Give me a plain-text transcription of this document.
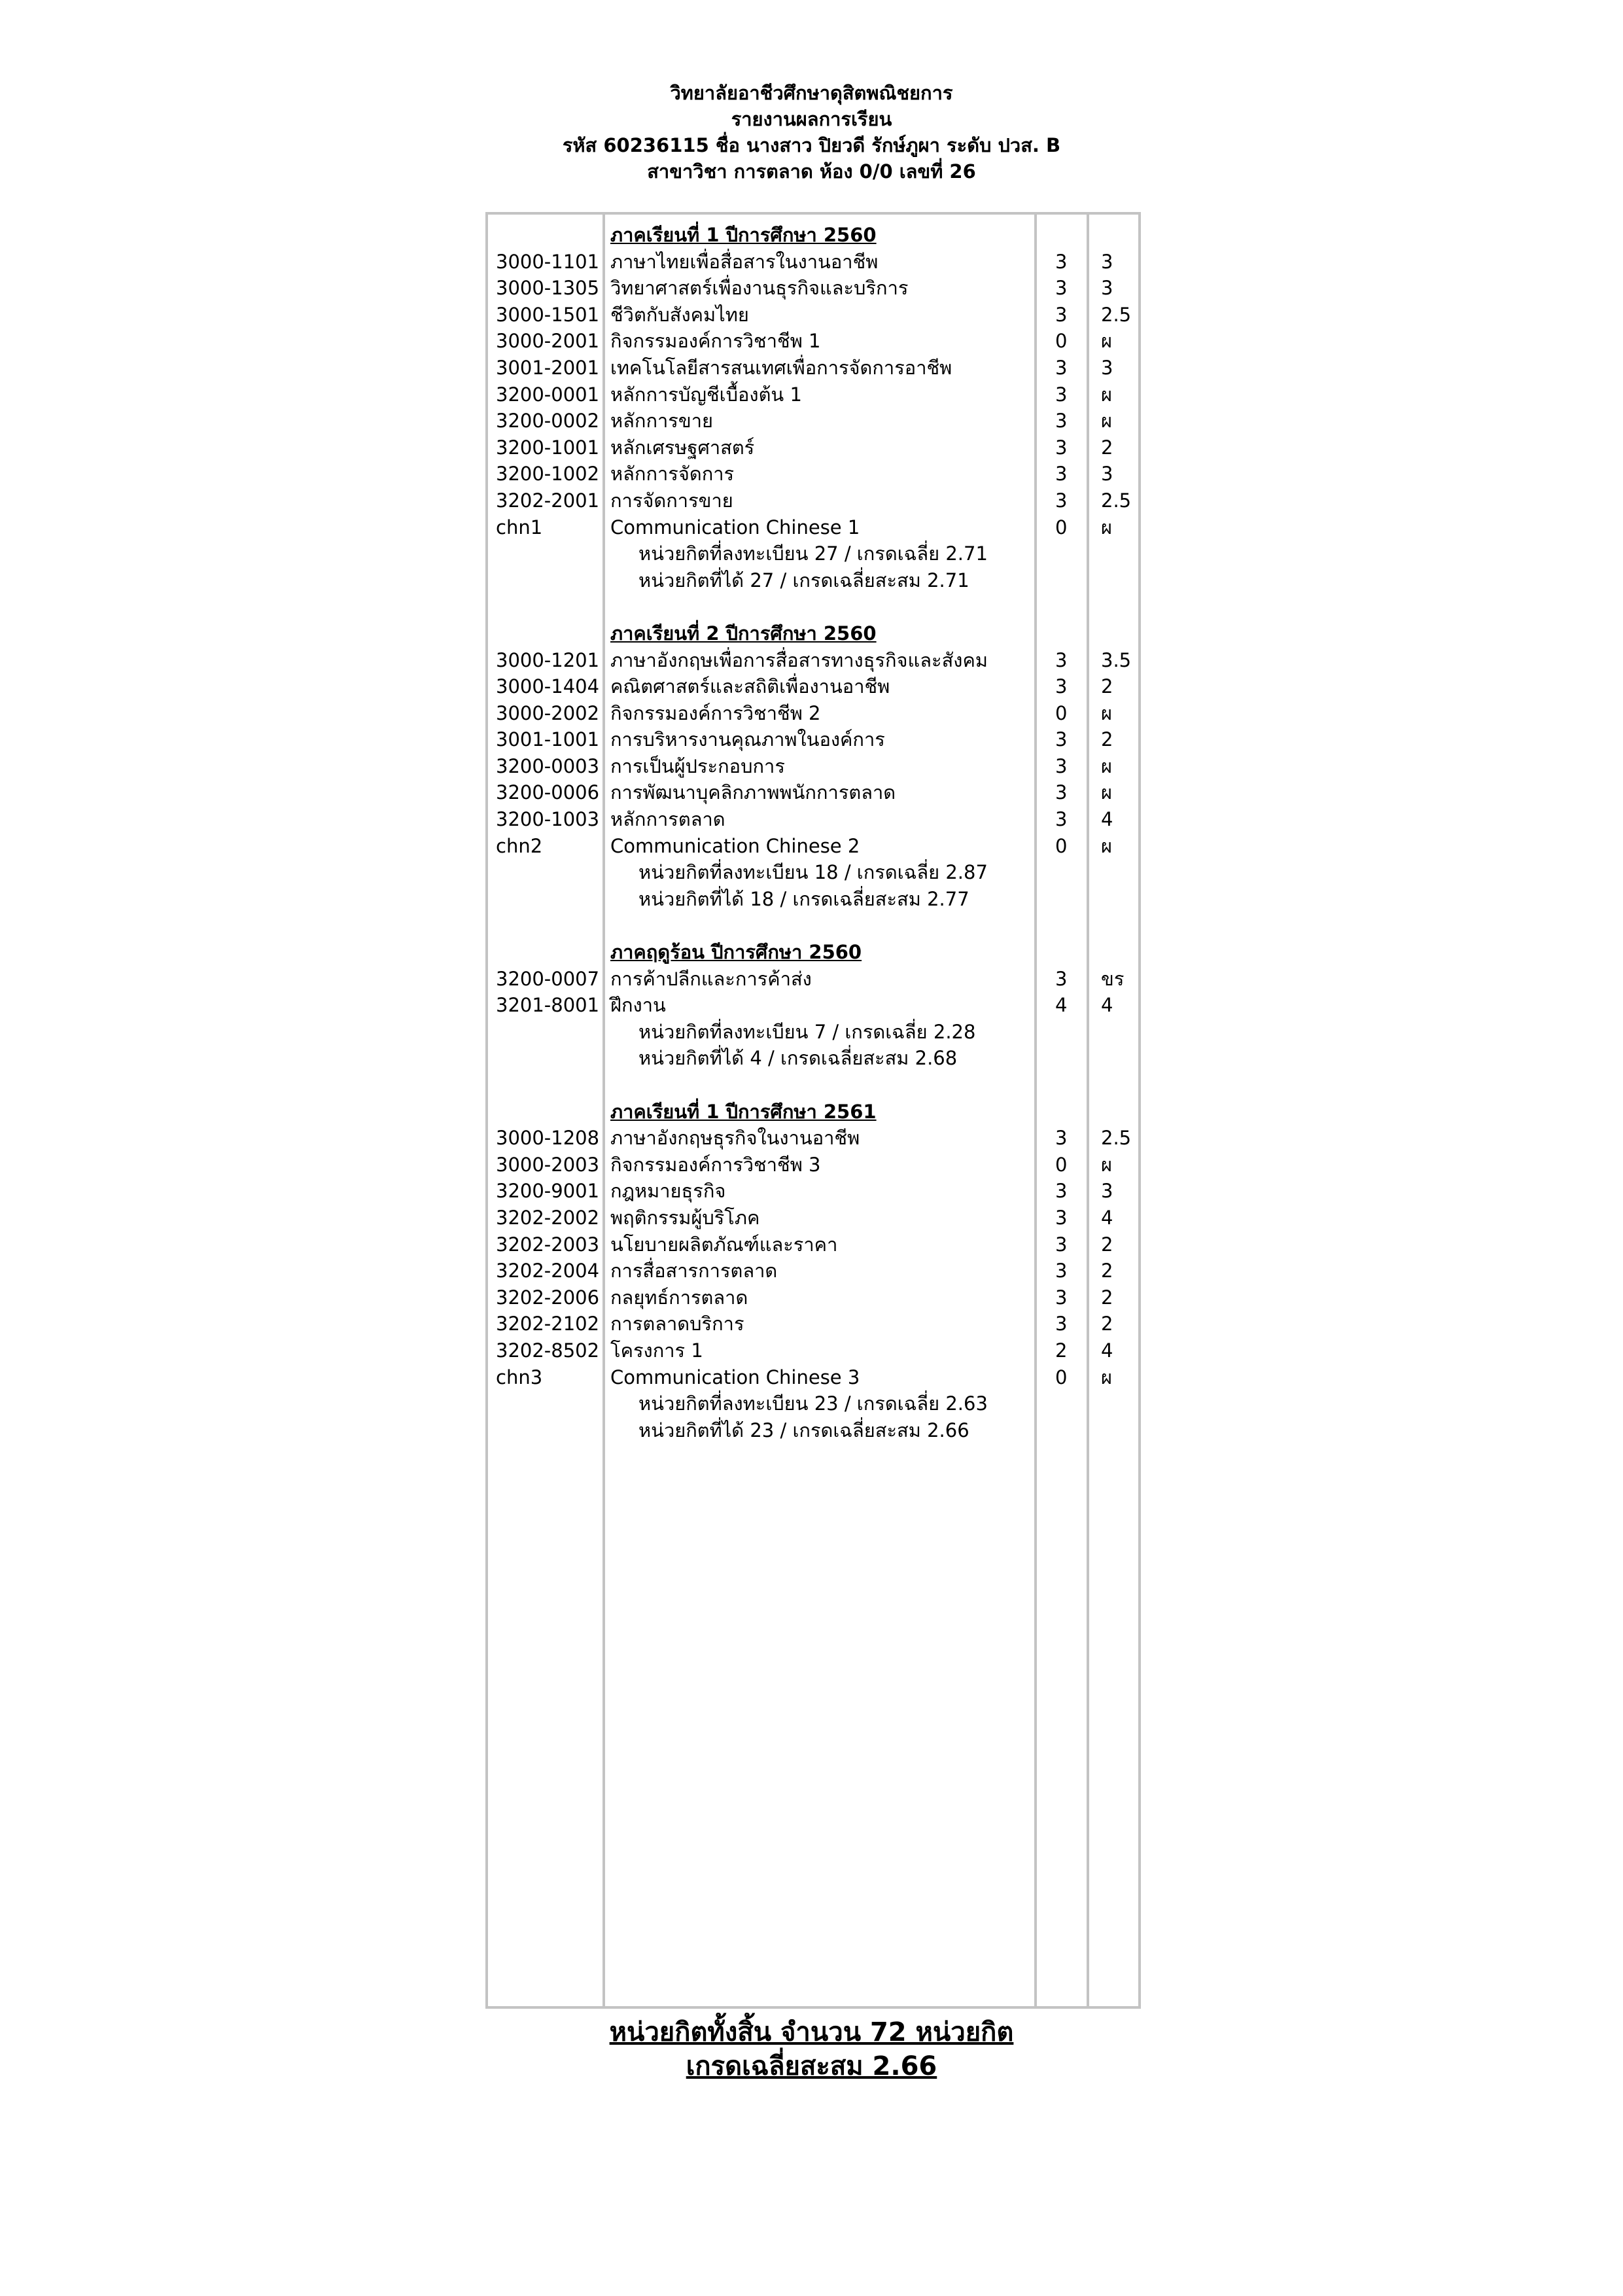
วิทยาลัยอาชีวศึกษาดุสิตพณิชยการ
รายงานผลการเรียน
รหัส 60236115 ชื่อ นางสาว ปิยวดี รักษ์ภูผา ระดับ ปวส. B
สาขาวิชา การตลาด ห้อง 0/0 เลขที่ 26
ภาคเรียนที่ 1 ปีการศึกษา 2560
3000-1101 ภาษาไทยเพื่อสื่อสารในงานอาชีพ	3 3
3000-1305 วิทยาศาสตร์เพื่องานธุรกิจและบริการ	3 3
3000-1501 ชีวิตกับสังคมไทย	3 2.5
3000-2001 กิจกรรมองค์การวิชาชีพ 1	0 ผ
3001-2001 เทคโนโลยีสารสนเทศเพื่อการจัดการอาชีพ	3 3
3200-0001 หลักการบัญชีเบื้องต้น 1	3 ผ
3200-0002 หลักการขาย	3 ผ
3200-1001 หลักเศรษฐศาสตร์	3 2
3200-1002 หลักการจัดการ	3 3
3202-2001 การจัดการขาย	3 2.5
chn1	Communication Chinese 1	0 ผ
หน่วยกิตที่ลงทะเบียน 27 / เกรดเฉลี่ย 2.71
หน่วยกิตที่ได้ 27 / เกรดเฉลี่ยสะสม 2.71
ภาคเรียนที่ 2 ปีการศึกษา 2560
3000-1201 ภาษาอังกฤษเพื่อการสื่อสารทางธุรกิจและสังคม	3 3.5
3000-1404 คณิตศาสตร์และสถิติเพื่องานอาชีพ	3 2
3000-2002 กิจกรรมองค์การวิชาชีพ 2	0 ผ
3001-1001 การบริหารงานคุณภาพในองค์การ	3 2
3200-0003 การเป็นผู้ประกอบการ	3 ผ
3200-0006 การพัฒนาบุคลิกภาพพนักการตลาด	3 ผ
3200-1003 หลักการตลาด	3 4
chn2	Communication Chinese 2	0 ผ
หน่วยกิตที่ลงทะเบียน 18 / เกรดเฉลี่ย 2.87
หน่วยกิตที่ได้ 18 / เกรดเฉลี่ยสะสม 2.77
ภาคฤดูร้อน ปีการศึกษา 2560
3200-0007 การค้าปลีกและการค้าส่ง	3 ขร
3201-8001 ฝึกงาน	4 4
หน่วยกิตที่ลงทะเบียน 7 / เกรดเฉลี่ย 2.28
หน่วยกิตที่ได้ 4 / เกรดเฉลี่ยสะสม 2.68
ภาคเรียนที่ 1 ปีการศึกษา 2561
3000-1208 ภาษาอังกฤษธุรกิจในงานอาชีพ	3 2.5
3000-2003 กิจกรรมองค์การวิชาชีพ 3	0 ผ
3200-9001 กฎหมายธุรกิจ	3 3
3202-2002 พฤติกรรมผู้บริโภค	3 4
3202-2003 นโยบายผลิตภัณฑ์และราคา	3 2
3202-2004 การสื่อสารการตลาด	3 2
3202-2006 กลยุทธ์การตลาด	3 2
3202-2102 การตลาดบริการ	3 2
3202-8502 โครงการ 1	2 4
chn3	Communication Chinese 3	0 ผ
หน่วยกิตที่ลงทะเบียน 23 / เกรดเฉลี่ย 2.63
หน่วยกิตที่ได้ 23 / เกรดเฉลี่ยสะสม 2.66
หน่วยกิตทั้งสิ้น จำนวน 72 หน่วยกิต
เกรดเฉลี่ยสะสม 2.66
